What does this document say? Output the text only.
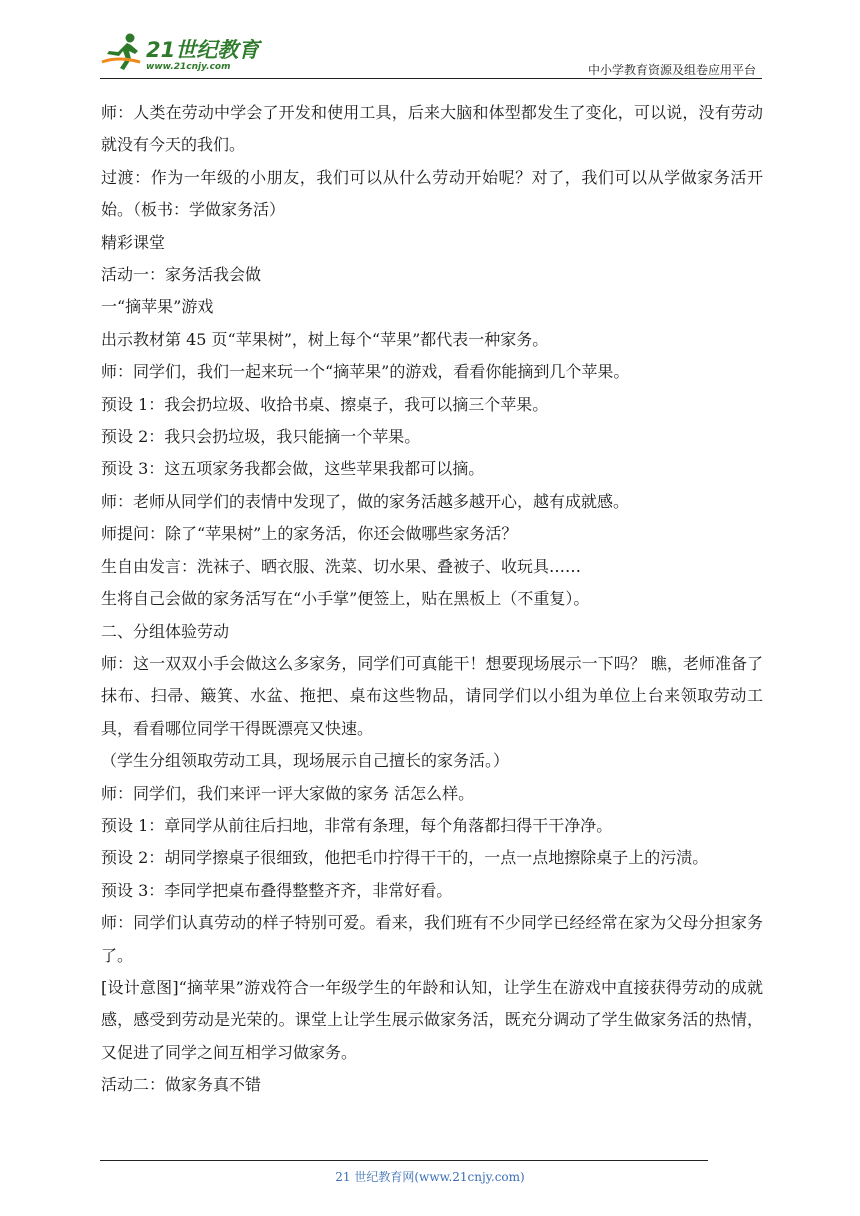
21世纪教育
www.21cnjy.com	中小学教育资源及组卷应用平台

师：人类在劳动中学会了开发和使用工具，后来大脑和体型都发生了变化，可以说，没有劳动就没有今天的我们。

过渡：作为一年级的小朋友，我们可以从什么劳动开始呢？对了，我们可以从学做家务活开始。（板书：学做家务活）

精彩课堂

活动一：家务活我会做

一“摘苹果”游戏

出示教材第 45 页“苹果树”，树上每个“苹果”都代表一种家务。

师：同学们，我们一起来玩一个“摘苹果”的游戏，看看你能摘到几个苹果。

预设 1：我会扔垃圾、收拾书桌、擦桌子，我可以摘三个苹果。

预设 2：我只会扔垃圾，我只能摘一个苹果。

预设 3：这五项家务我都会做，这些苹果我都可以摘。

师：老师从同学们的表情中发现了，做的家务活越多越开心，越有成就感。

师提问：除了“苹果树”上的家务活，你还会做哪些家务活？

生自由发言：洗袜子、晒衣服、洗菜、切水果、叠被子、收玩具……

生将自己会做的家务活写在“小手掌”便签上，贴在黑板上（不重复）。

二、分组体验劳动

师：这一双双小手会做这么多家务，同学们可真能干！想要现场展示一下吗？ 瞧，老师准备了抹布、扫帚、簸箕、水盆、拖把、桌布这些物品，请同学们以小组为单位上台来领取劳动工具，看看哪位同学干得既漂亮又快速。

（学生分组领取劳动工具，现场展示自己擅长的家务活。）

师：同学们，我们来评一评大家做的家务 活怎么样。

预设 1：章同学从前往后扫地，非常有条理，每个角落都扫得干干净净。

预设 2：胡同学擦桌子很细致，他把毛巾拧得干干的，一点一点地擦除桌子上的污渍。

预设 3：李同学把桌布叠得整整齐齐，非常好看。

师：同学们认真劳动的样子特别可爱。看来，我们班有不少同学已经经常在家为父母分担家务了。

[设计意图]“摘苹果”游戏符合一年级学生的年龄和认知，让学生在游戏中直接获得劳动的成就感，感受到劳动是光荣的。课堂上让学生展示做家务活，既充分调动了学生做家务活的热情，又促进了同学之间互相学习做家务。

活动二：做家务真不错

21 世纪教育网(www.21cnjy.com)
